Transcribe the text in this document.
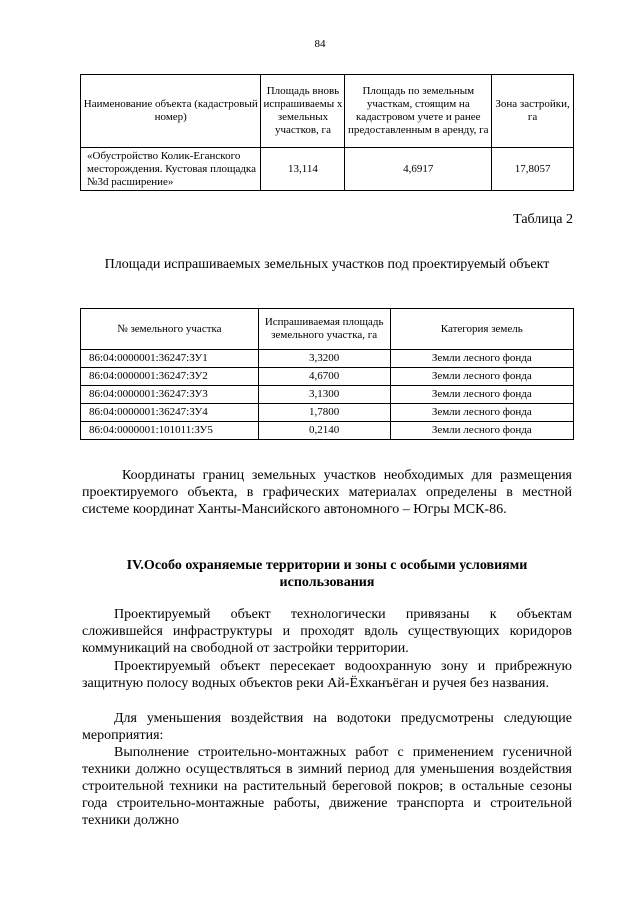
84
Наименование объекта (кадастровый номер)	Площадь вновь испрашиваемы х земельных участков, га	Площадь по земельным участкам, стоящим на кадастровом учете и ранее предоставленным в аренду, га	Зона застройки, га
«Обустройство Колик-Еганского месторождения. Кустовая площадка №3d расширение»	13,114	4,6917	17,8057
Таблица 2
Площади испрашиваемых земельных участков под проектируемый объект
№ земельного участка	Испрашиваемая площадь земельного участка, га	Категория земель
86:04:0000001:36247:ЗУ1	3,3200	Земли лесного фонда
86:04:0000001:36247:ЗУ2	4,6700	Земли лесного фонда
86:04:0000001:36247:ЗУ3	3,1300	Земли лесного фонда
86:04:0000001:36247:ЗУ4	1,7800	Земли лесного фонда
86:04:0000001:101011:ЗУ5	0,2140	Земли лесного фонда
Координаты границ земельных участков необходимых для размещения проектируемого объекта, в графических материалах определены в местной системе координат Ханты-Мансийского автономного – Югры МСК-86.
IV.Особо охраняемые территории и зоны с особыми условиями использования
Проектируемый объект технологически привязаны к объектам сложившейся инфраструктуры и проходят вдоль существующих коридоров коммуникаций на свободной от застройки территории.
Проектируемый объект пересекает водоохранную зону и прибрежную защитную полосу водных объектов реки Ай-Ёхканъёган и ручея без названия.
Для уменьшения воздействия на водотоки предусмотрены следующие мероприятия:
Выполнение строительно-монтажных работ с применением гусеничной техники должно осуществляться в зимний период для уменьшения воздействия строительной техники на растительный береговой покров; в остальные сезоны года строительно-монтажные работы, движение транспорта и строительной техники должно
